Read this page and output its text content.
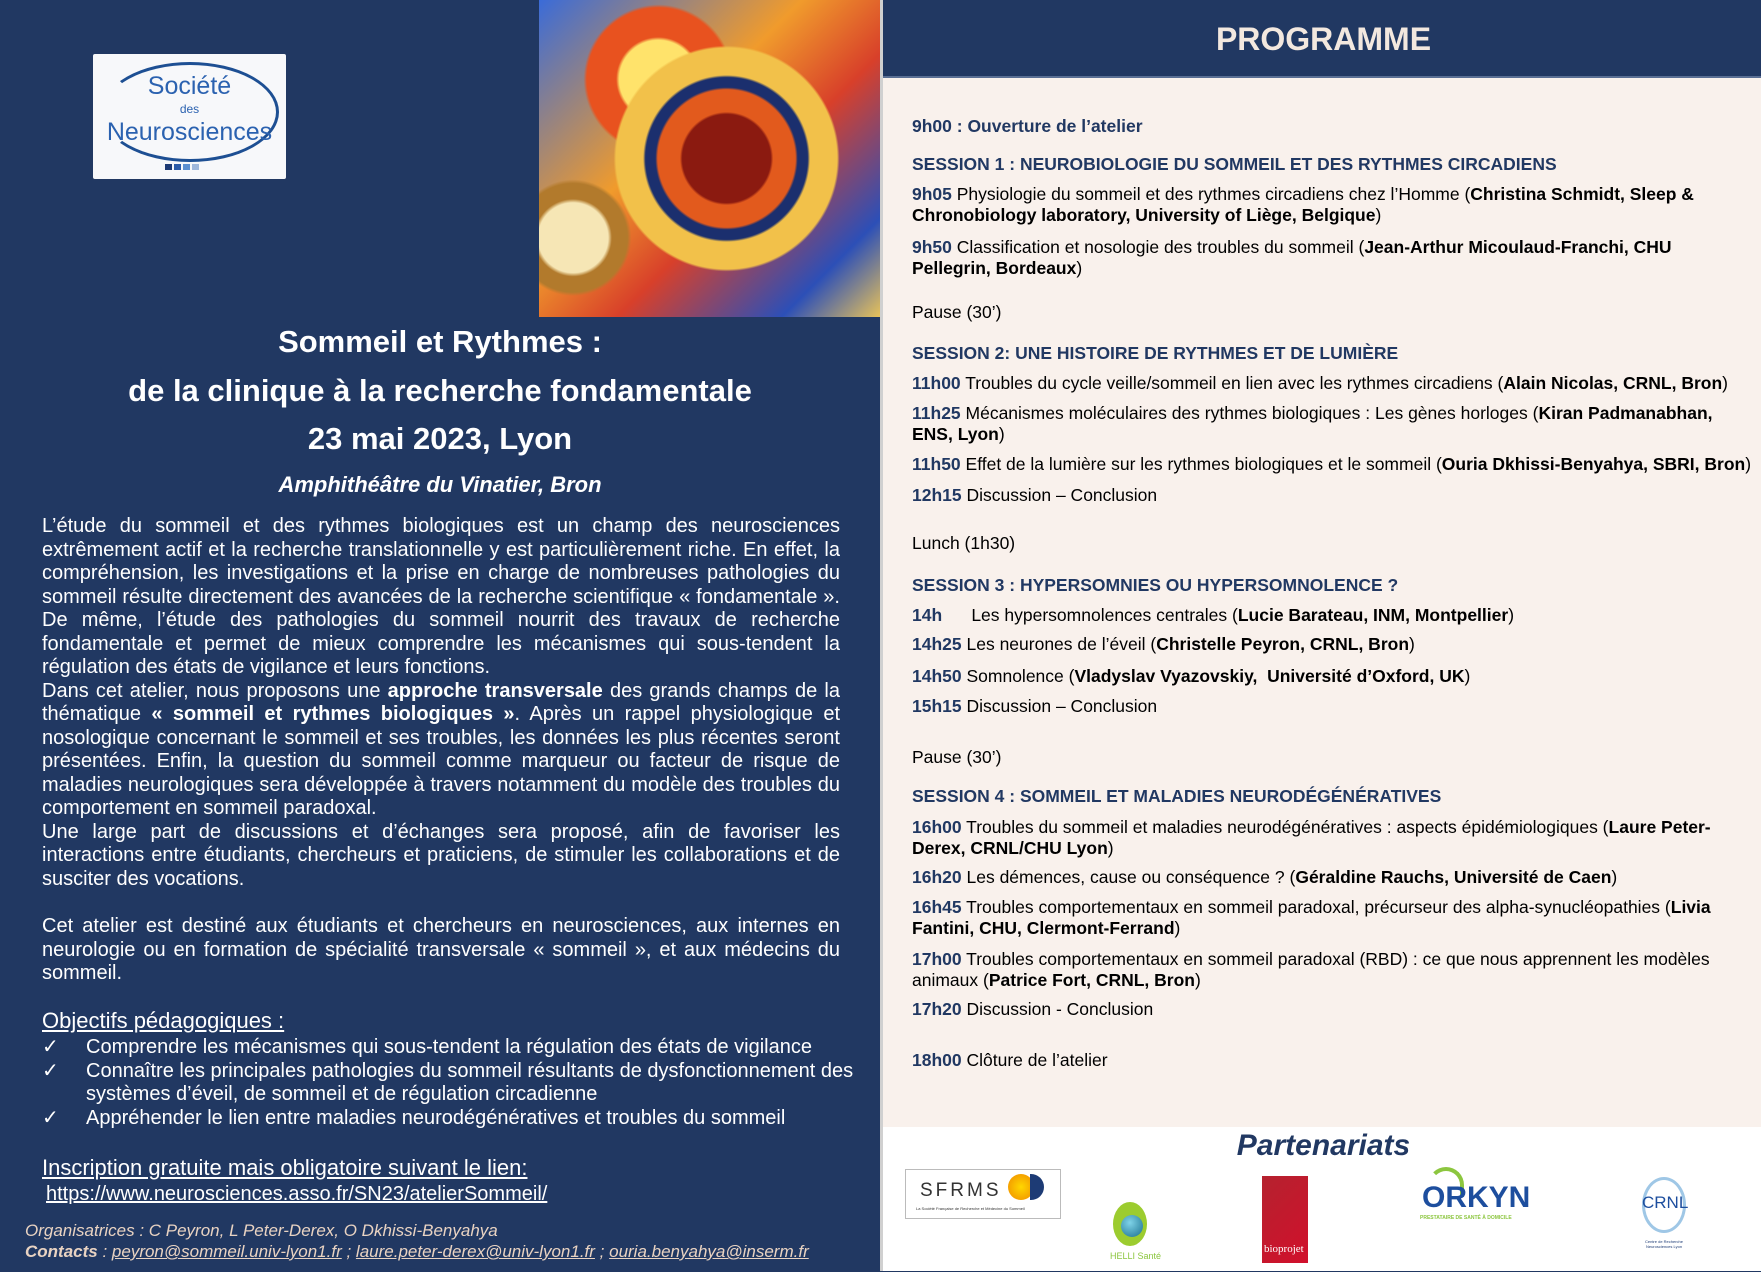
Société
des
Neurosciences
Sommeil et Rythmes :
de la clinique à la recherche fondamentale
23 mai 2023, Lyon
Amphithéâtre du Vinatier, Bron
L’étude du sommeil et des rythmes biologiques est un champ des neurosciences extrêmement actif et la recherche translationnelle y est particulièrement riche. En effet, la compréhension, les investigations et la prise en charge de nombreuses pathologies du sommeil résulte directement des avancées de la recherche scientifique « fondamentale ». De même, l’étude des pathologies du sommeil nourrit des travaux de recherche fondamentale et permet de mieux comprendre les mécanismes qui sous-tendent la régulation des états de vigilance et leurs fonctions.
Dans cet atelier, nous proposons une approche transversale des grands champs de la thématique « sommeil et rythmes biologiques ». Après un rappel physiologique et nosologique concernant le sommeil et ses troubles, les données les plus récentes seront présentées. Enfin, la question du sommeil comme marqueur ou facteur de risque de maladies neurologiques sera développée à travers notamment du modèle des troubles du comportement en sommeil paradoxal.
Une large part de discussions et d’échanges sera proposé, afin de favoriser les interactions entre étudiants, chercheurs et praticiens, de stimuler les collaborations et de susciter des vocations.
Cet atelier est destiné aux étudiants et chercheurs en neurosciences, aux internes en neurologie ou en formation de spécialité transversale « sommeil », et aux médecins du sommeil.
Objectifs pédagogiques :
✓ Comprendre les mécanismes qui sous-tendent la régulation des états de vigilance
✓ Connaître les principales pathologies du sommeil résultants de dysfonctionnement des systèmes d’éveil, de sommeil et de régulation circadienne
✓ Appréhender le lien entre maladies neurodégénératives et troubles du sommeil
Inscription gratuite mais obligatoire suivant le lien:
https://www.neurosciences.asso.fr/SN23/atelierSommeil/
Organisatrices : C Peyron, L Peter-Derex, O Dkhissi-Benyahya
Contacts : peyron@sommeil.univ-lyon1.fr ; laure.peter-derex@univ-lyon1.fr ; ouria.benyahya@inserm.fr
PROGRAMME
9h00 : Ouverture de l’atelier
SESSION 1 : NEUROBIOLOGIE DU SOMMEIL ET DES RYTHMES CIRCADIENS
9h05 Physiologie du sommeil et des rythmes circadiens chez l’Homme (Christina Schmidt, Sleep & Chronobiology laboratory, University of Liège, Belgique)
9h50 Classification et nosologie des troubles du sommeil (Jean-Arthur Micoulaud-Franchi, CHU Pellegrin, Bordeaux)
Pause (30’)
SESSION 2: UNE HISTOIRE DE RYTHMES ET DE LUMIÈRE
11h00 Troubles du cycle veille/sommeil en lien avec les rythmes circadiens (Alain Nicolas, CRNL, Bron)
11h25 Mécanismes moléculaires des rythmes biologiques : Les gènes horloges (Kiran Padmanabhan, ENS, Lyon)
11h50 Effet de la lumière sur les rythmes biologiques et le sommeil (Ouria Dkhissi-Benyahya, SBRI, Bron)
12h15 Discussion – Conclusion
Lunch (1h30)
SESSION 3 : HYPERSOMNIES OU HYPERSOMNOLENCE ?
14h      Les hypersomnolences centrales (Lucie Barateau, INM, Montpellier)
14h25 Les neurones de l’éveil (Christelle Peyron, CRNL, Bron)
14h50 Somnolence (Vladyslav Vyazovskiy,  Université d’Oxford, UK)
15h15 Discussion – Conclusion
Pause (30’)
SESSION 4 : SOMMEIL ET MALADIES NEURODÉGÉNÉRATIVES
16h00 Troubles du sommeil et maladies neurodégénératives : aspects épidémiologiques (Laure Peter-Derex, CRNL/CHU Lyon)
16h20 Les démences, cause ou conséquence ? (Géraldine Rauchs, Université de Caen)
16h45 Troubles comportementaux en sommeil paradoxal, précurseur des alpha-synucléopathies (Livia Fantini, CHU, Clermont-Ferrand)
17h00 Troubles comportementaux en sommeil paradoxal (RBD) : ce que nous apprennent les modèles animaux (Patrice Fort, CRNL, Bron)
17h20 Discussion - Conclusion
18h00 Clôture de l’atelier
Partenariats
SFRMS
La Société Française de Recherche et Médecine du Sommeil
HELLI Santé
bioprojet
ORKYN
PRESTATAIRE DE SANTÉ À DOMICILE
CRNL
Centre de Recherche Neurosciences Lyon
